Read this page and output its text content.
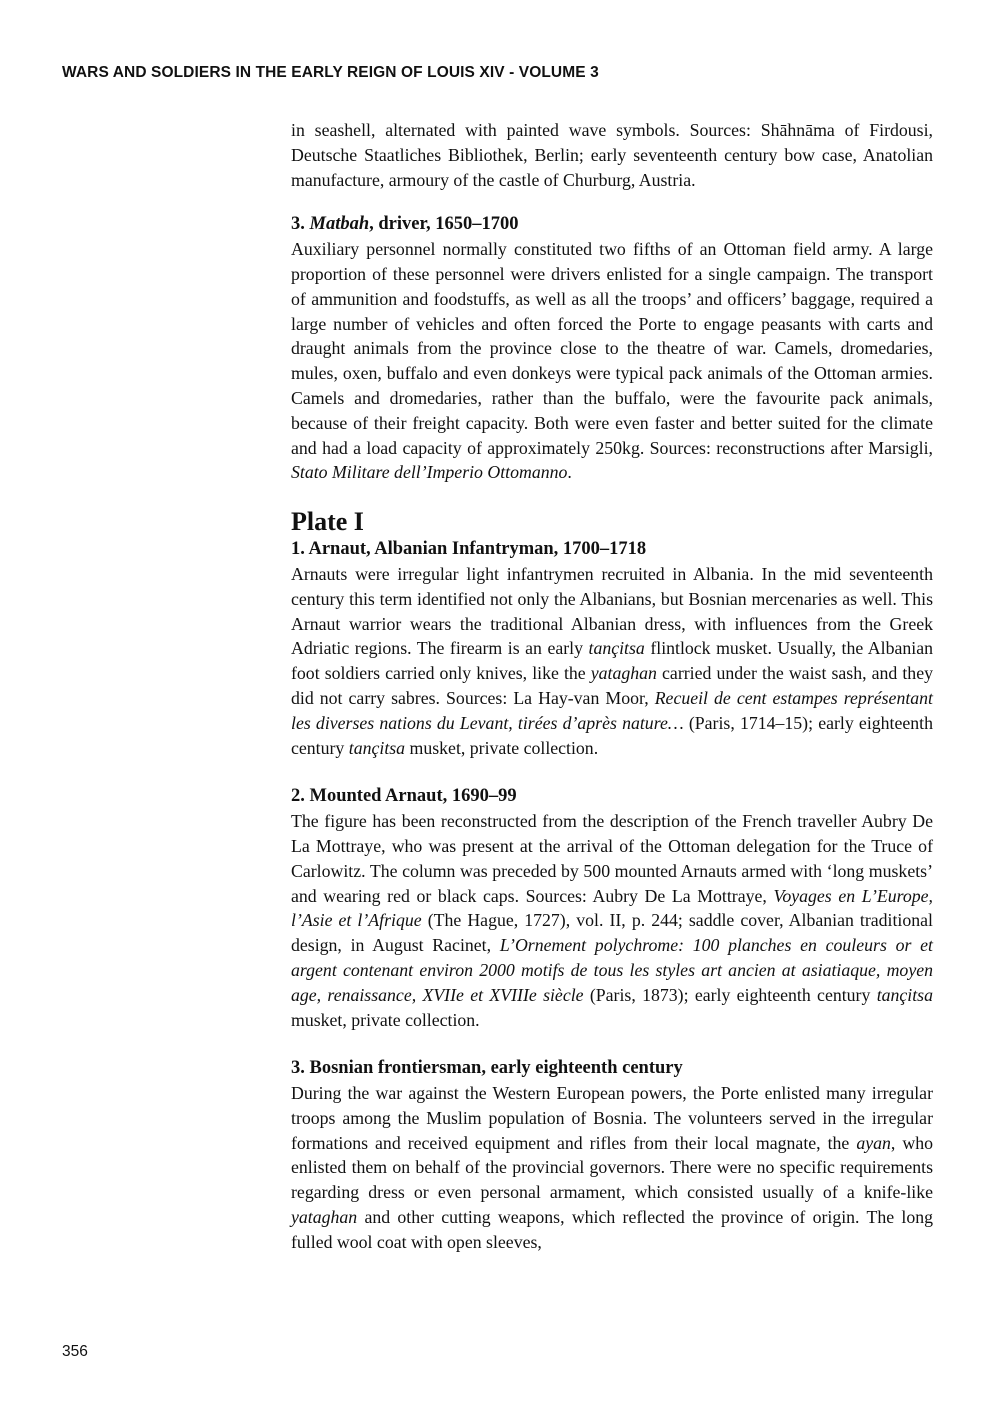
WARS AND SOLDIERS IN THE EARLY REIGN OF LOUIS XIV - VOLUME 3

in seashell, alternated with painted wave symbols. Sources: Shāhnāma of Firdousi, Deutsche Staatliches Bibliothek, Berlin; early seventeenth century bow case, Anatolian manufacture, armoury of the castle of Churburg, Austria.

3. Matbah, driver, 1650–1700

Auxiliary personnel normally constituted two fifths of an Ottoman field army. A large proportion of these personnel were drivers enlisted for a single campaign. The transport of ammunition and foodstuffs, as well as all the troops’ and officers’ baggage, required a large number of vehicles and often forced the Porte to engage peasants with carts and draught animals from the province close to the theatre of war. Camels, dromedaries, mules, oxen, buffalo and even donkeys were typical pack animals of the Ottoman armies. Camels and dromedaries, rather than the buffalo, were the favourite pack animals, because of their freight capacity. Both were even faster and better suited for the climate and had a load capacity of approximately 250kg. Sources: reconstructions after Marsigli, Stato Militare dell’Imperio Ottomanno.

Plate I
1. Arnaut, Albanian Infantryman, 1700–1718

Arnauts were irregular light infantrymen recruited in Albania. In the mid seventeenth century this term identified not only the Albanians, but Bosnian mercenaries as well. This Arnaut warrior wears the traditional Albanian dress, with influences from the Greek Adriatic regions. The firearm is an early tançitsa flintlock musket. Usually, the Albanian foot soldiers carried only knives, like the yataghan carried under the waist sash, and they did not carry sabres. Sources: La Hay-van Moor, Recueil de cent estampes représentant les diverses nations du Levant, tirées d’après nature… (Paris, 1714–15); early eighteenth century tançitsa musket, private collection.

2. Mounted Arnaut, 1690–99

The figure has been reconstructed from the description of the French traveller Aubry De La Mottraye, who was present at the arrival of the Ottoman delegation for the Truce of Carlowitz. The column was preceded by 500 mounted Arnauts armed with ‘long muskets’ and wearing red or black caps. Sources: Aubry De La Mottraye, Voyages en L’Europe, l’Asie et l’Afrique (The Hague, 1727), vol. II, p. 244; saddle cover, Albanian traditional design, in August Racinet, L’Ornement polychrome: 100 planches en couleurs or et argent contenant environ 2000 motifs de tous les styles art ancien at asiatiaque, moyen age, renaissance, XVIIe et XVIIIe siècle (Paris, 1873); early eighteenth century tançitsa musket, private collection.

3. Bosnian frontiersman, early eighteenth century

During the war against the Western European powers, the Porte enlisted many irregular troops among the Muslim population of Bosnia. The volunteers served in the irregular formations and received equipment and rifles from their local magnate, the ayan, who enlisted them on behalf of the provincial governors. There were no specific requirements regarding dress or even personal armament, which consisted usually of a knife-like yataghan and other cutting weapons, which reflected the province of origin. The long fulled wool coat with open sleeves,

356
